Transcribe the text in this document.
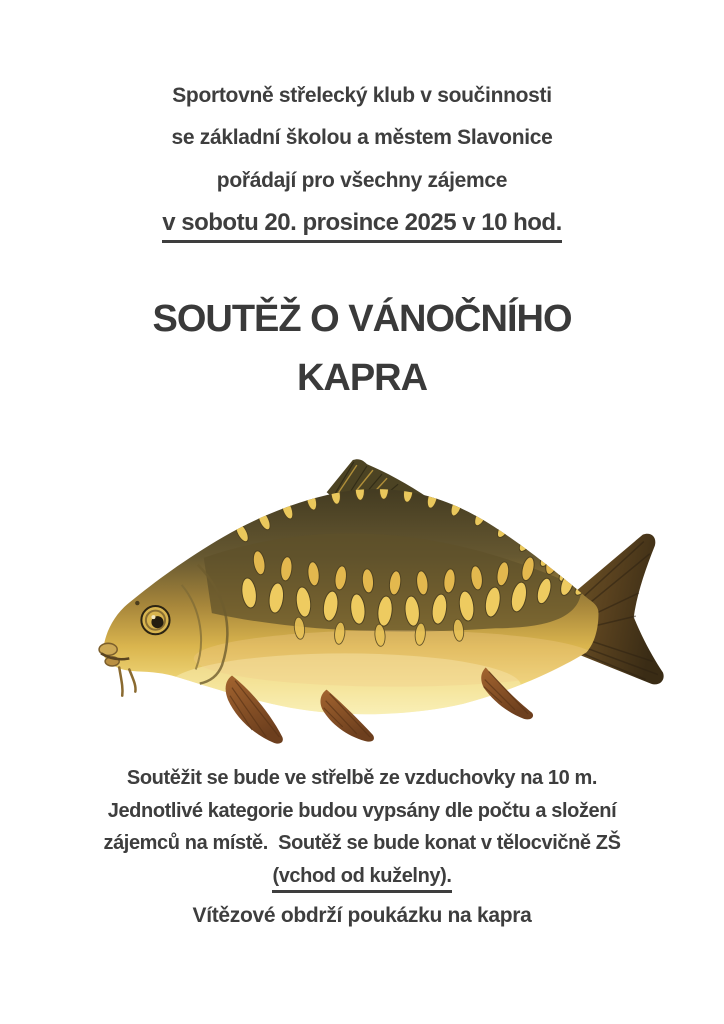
Sportovně střelecký klub v součinnosti
se základní školou a městem Slavonice
pořádají pro všechny zájemce
v sobotu 20. prosince 2025 v 10 hod.
SOUTĚŽ O VÁNOČNÍHO
KAPRA
Soutěžit se bude ve střelbě ze vzduchovky na 10 m.
Jednotlivé kategorie budou vypsány dle počtu a složení
zájemců na místě.  Soutěž se bude konat v tělocvičně ZŠ
(vchod od kuželny).
Vítězové obdrží poukázku na kapra
